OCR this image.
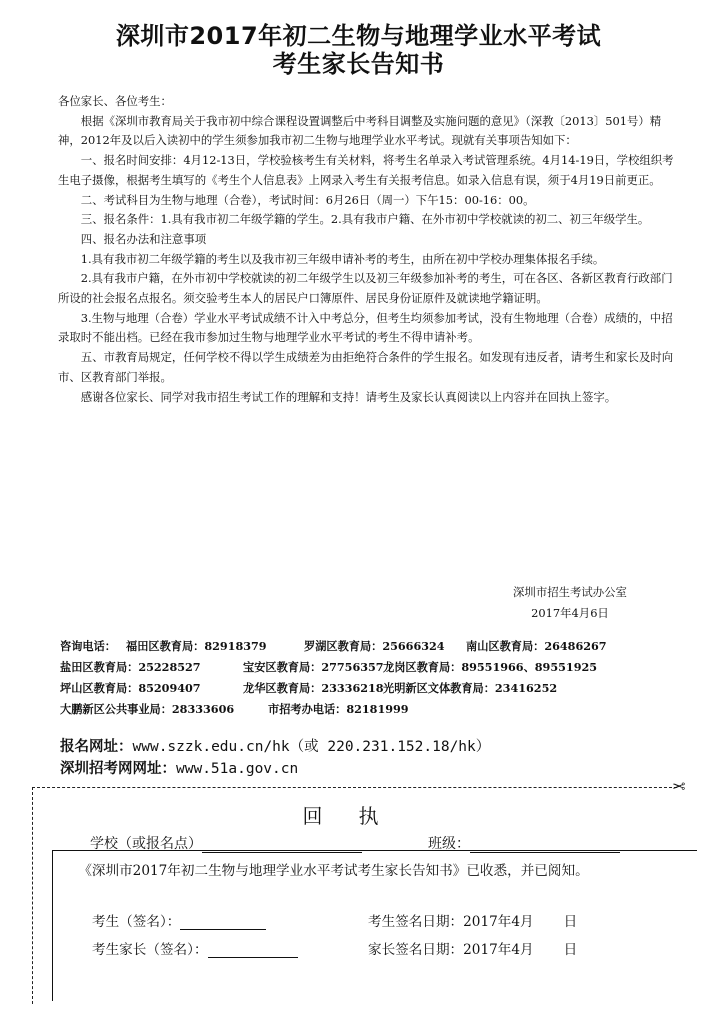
深圳市2017年初二生物与地理学业水平考试
考生家长告知书

各位家长、各位考生：

根据《深圳市教育局关于我市初中综合课程设置调整后中考科目调整及实施问题的意见》（深教〔2013〕501号）精神，2012年及以后入读初中的学生须参加我市初二生物与地理学业水平考试。现就有关事项告知如下：

一、报名时间安排：4月12-13日，学校验核考生有关材料，将考生名单录入考试管理系统。4月14-19日，学校组织考生电子摄像，根据考生填写的《考生个人信息表》上网录入考生有关报考信息。如录入信息有误，须于4月19日前更正。

二、考试科目为生物与地理（合卷），考试时间：6月26日（周一）下午15：00-16：00。

三、报名条件：1.具有我市初二年级学籍的学生。2.具有我市户籍、在外市初中学校就读的初二、初三年级学生。

四、报名办法和注意事项

1.具有我市初二年级学籍的考生以及我市初三年级申请补考的考生，由所在初中学校办理集体报名手续。

2.具有我市户籍，在外市初中学校就读的初二年级学生以及初三年级参加补考的考生，可在各区、各新区教育行政部门所设的社会报名点报名。须交验考生本人的居民户口簿原件、居民身份证原件及就读地学籍证明。

3.生物与地理（合卷）学业水平考试成绩不计入中考总分，但考生均须参加考试，没有生物地理（合卷）成绩的，中招录取时不能出档。已经在我市参加过生物与地理学业水平考试的考生不得申请补考。

五、市教育局规定，任何学校不得以学生成绩差为由拒绝符合条件的学生报名。如发现有违反者，请考生和家长及时向市、区教育部门举报。

感谢各位家长、同学对我市招生考试工作的理解和支持！请考生及家长认真阅读以上内容并在回执上签字。

深圳市招生考试办公室
2017年4月6日
咨询电话： 福田区教育局：82918379	罗湖区教育局：25666324	南山区教育局：26486267
盐田区教育局：25228527	宝安区教育局：27756357 龙岗区教育局：89551966、89551925
坪山区教育局：85209407	龙华区教育局：23336218 光明新区文体教育局：23416252
大鹏新区公共事业局：28333606	市招考办电话：82181999
报名网址：www.szzk.edu.cn/hk（或 220.231.152.18/hk）
深圳招考网网址：www.51a.gov.cn
✂
回执
学校（或报名点）	班级：
《深圳市2017年初二生物与地理学业水平考试考生家长告知书》已收悉，并已阅知。
考生（签名）：	考生签名日期：2017年4月 日
考生家长（签名）：	家长签名日期：2017年4月 日
